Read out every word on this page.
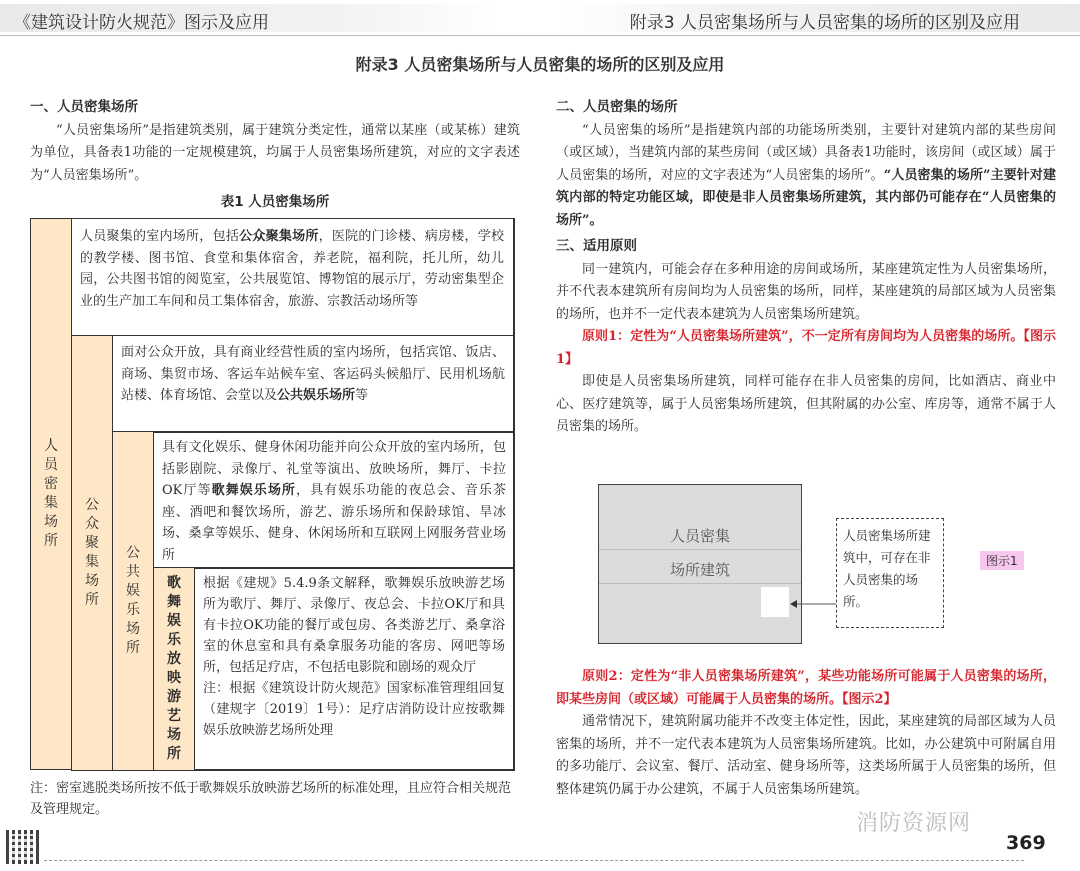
《建筑设计防火规范》图示及应用	附录3 人员密集场所与人员密集的场所的区别及应用
附录3 人员密集场所与人员密集的场所的区别及应用
一、人员密集场所

“人员密集场所”是指建筑类别，属于建筑分类定性，通常以某座（或某栋）建筑为单位，具备表1功能的一定规模建筑，均属于人员密集场所建筑，对应的文字表述为“人员密集场所”。

表1 人员密集场所
人员密集场所
人员聚集的室内场所，包括公众聚集场所，医院的门诊楼、病房楼，学校的教学楼、图书馆、食堂和集体宿舍，养老院，福利院，托儿所，幼儿园，公共图书馆的阅览室，公共展览馆、博物馆的展示厅，劳动密集型企业的生产加工车间和员工集体宿舍，旅游、宗教活动场所等
公众聚集场所
面对公众开放，具有商业经营性质的室内场所，包括宾馆、饭店、商场、集贸市场、客运车站候车室、客运码头候船厅、民用机场航站楼、体育场馆、会堂以及公共娱乐场所等
公共娱乐场所
具有文化娱乐、健身休闲功能并向公众开放的室内场所，包括影剧院、录像厅、礼堂等演出、放映场所，舞厅、卡拉OK厅等歌舞娱乐场所，具有娱乐功能的夜总会、音乐茶座、酒吧和餐饮场所，游艺、游乐场所和保龄球馆、旱冰场、桑拿等娱乐、健身、休闲场所和互联网上网服务营业场所
歌舞娱乐放映游艺场所
根据《建规》5.4.9条文解释，歌舞娱乐放映游艺场所为歌厅、舞厅、录像厅、夜总会、卡拉OK厅和具有卡拉OK功能的餐厅或包房、各类游艺厅、桑拿浴室的休息室和具有桑拿服务功能的客房、网吧等场所，包括足疗店，不包括电影院和剧场的观众厅
注：根据《建筑设计防火规范》国家标准管理组回复（建规字〔2019〕1号）：足疗店消防设计应按歌舞娱乐放映游艺场所处理
注：密室逃脱类场所按不低于歌舞娱乐放映游艺场所的标准处理，且应符合相关规范及管理规定。
二、人员密集的场所

“人员密集的场所”是指建筑内部的功能场所类别，主要针对建筑内部的某些房间（或区域），当建筑内部的某些房间（或区域）具备表1功能时，该房间（或区域）属于人员密集的场所，对应的文字表述为“人员密集的场所”。“人员密集的场所”主要针对建筑内部的特定功能区域，即使是非人员密集场所建筑，其内部仍可能存在“人员密集的场所”。

三、适用原则

同一建筑内，可能会存在多种用途的房间或场所，某座建筑定性为人员密集场所，并不代表本建筑所有房间均为人员密集的场所，同样，某座建筑的局部区域为人员密集的场所，也并不一定代表本建筑为人员密集场所建筑。

原则1：定性为“人员密集场所建筑”，不一定所有房间均为人员密集的场所。【图示1】

即使是人员密集场所建筑，同样可能存在非人员密集的房间，比如酒店、商业中心、医疗建筑等，属于人员密集场所建筑，但其附属的办公室、库房等，通常不属于人员密集的场所。

人员密集
场所建筑
人员密集场所建筑中，可存在非人员密集的场所。
图示1

原则2：定性为“非人员密集场所建筑”，某些功能场所可能属于人员密集的场所，即某些房间（或区域）可能属于人员密集的场所。【图示2】

通常情况下，建筑附属功能并不改变主体定性，因此，某座建筑的局部区域为人员密集的场所，并不一定代表本建筑为人员密集场所建筑。比如，办公建筑中可附属自用的多功能厅、会议室、餐厅、活动室、健身场所等，这类场所属于人员密集的场所，但整体建筑仍属于办公建筑，不属于人员密集场所建筑。

消防资源网
369
